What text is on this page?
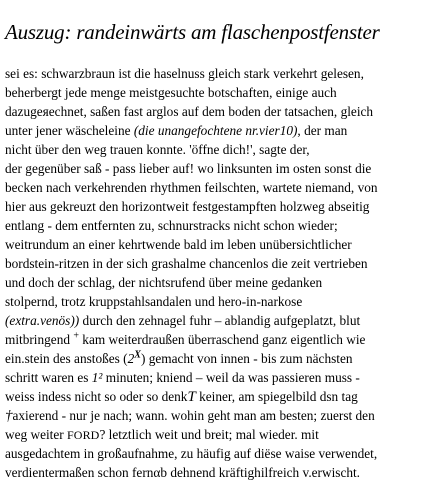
Auszug: randeinwärts am flaschenpostfenster
sei es: schwarzbraun ist die haselnuss gleich stark verkehrt gelesen,
beherbergt jede menge meistgesuchte botschaften, einige auch
dazugeяechnet, saßen fast arglos auf dem boden der tatsachen, gleich
unter jener wäscheleine (die unangefochtene nr.vier10), der man
nicht über den weg trauen konnte. 'öffne dich!', sagte der,
der gegenüber saß - pass lieber auf! wo linksunten im osten sonst die
becken nach verkehrenden rhythmen feilschten, wartete niemand, von
hier aus gekreuzt den horizontweit festgestampften holzweg abseitig
entlang - dem entfernten zu, schnurstracks nicht schon wieder;
weitrundum an einer kehrtwende bald im leben unübersichtlicher
bordstein-ritzen in der sich grashalme chancenlos die zeit vertrieben
und doch der schlag, der nichtsrufend über meine gedanken
stolpernd, trotz kruppstahlsandalen und hero-in-narkose
(extra.venös)) durch den zehnagel fuhr – ablandig aufgeplatzt, blut
mitbringend + kam weiterdraußen überraschend ganz eigentlich wie
ein.stein des anstoßes $(2^X)$ gemacht von innen - bis zum nächsten
schritt waren es 1² minuten; kniend – weil da was passieren muss -
weiss indess nicht so oder so denkT keiner, am spiegelbild dsn tag
†axierend - nur je nach; wann. wohin geht man am besten; zuerst den
weg weiter FORD? letztlich weit und breit; mal wieder. mit
ausgedachtem in großaufnahme, zu häufig auf diёse waise verwendet,
verdientermaßen schon fernαb dehnend kräftighilfreich v.erwischt.
